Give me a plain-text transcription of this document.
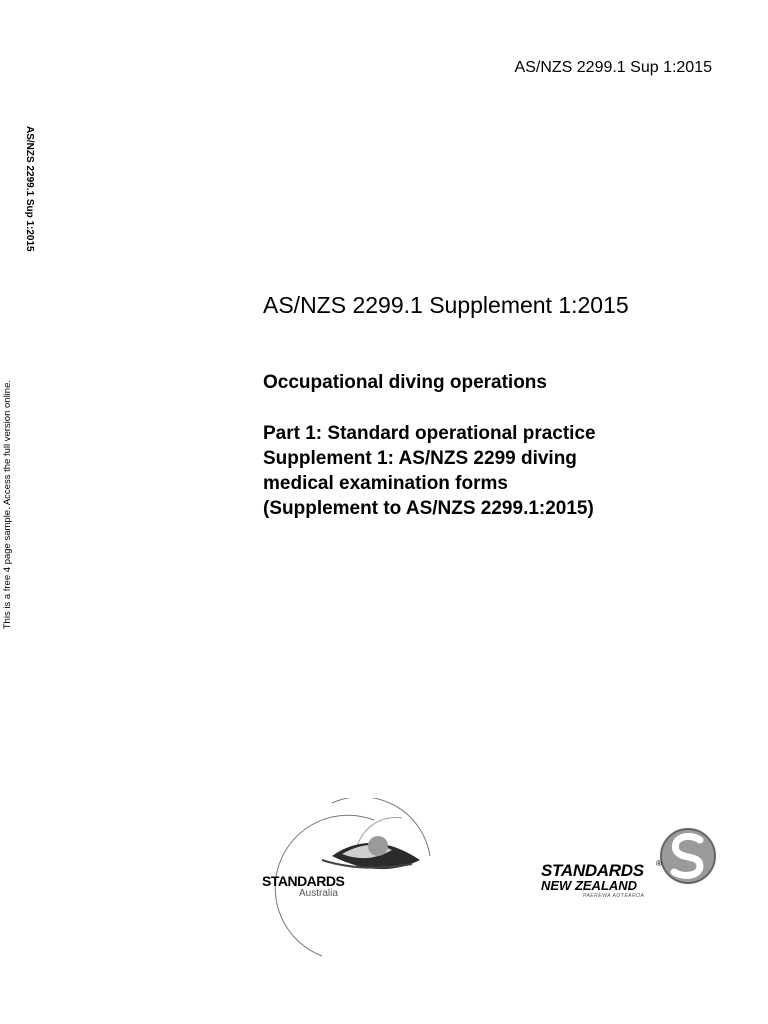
AS/NZS 2299.1 Sup 1:2015
AS/NZS 2299.1 Sup 1:2015
This is a free 4 page sample. Access the full version online.
AS/NZS 2299.1 Supplement 1:2015
Occupational diving operations
Part 1: Standard operational practice
Supplement 1: AS/NZS 2299 diving
medical examination forms
(Supplement to AS/NZS 2299.1:2015)
STANDARDS
Australia
STANDARDS ®
NEW ZEALAND
PAEREWA AOTEAROA
